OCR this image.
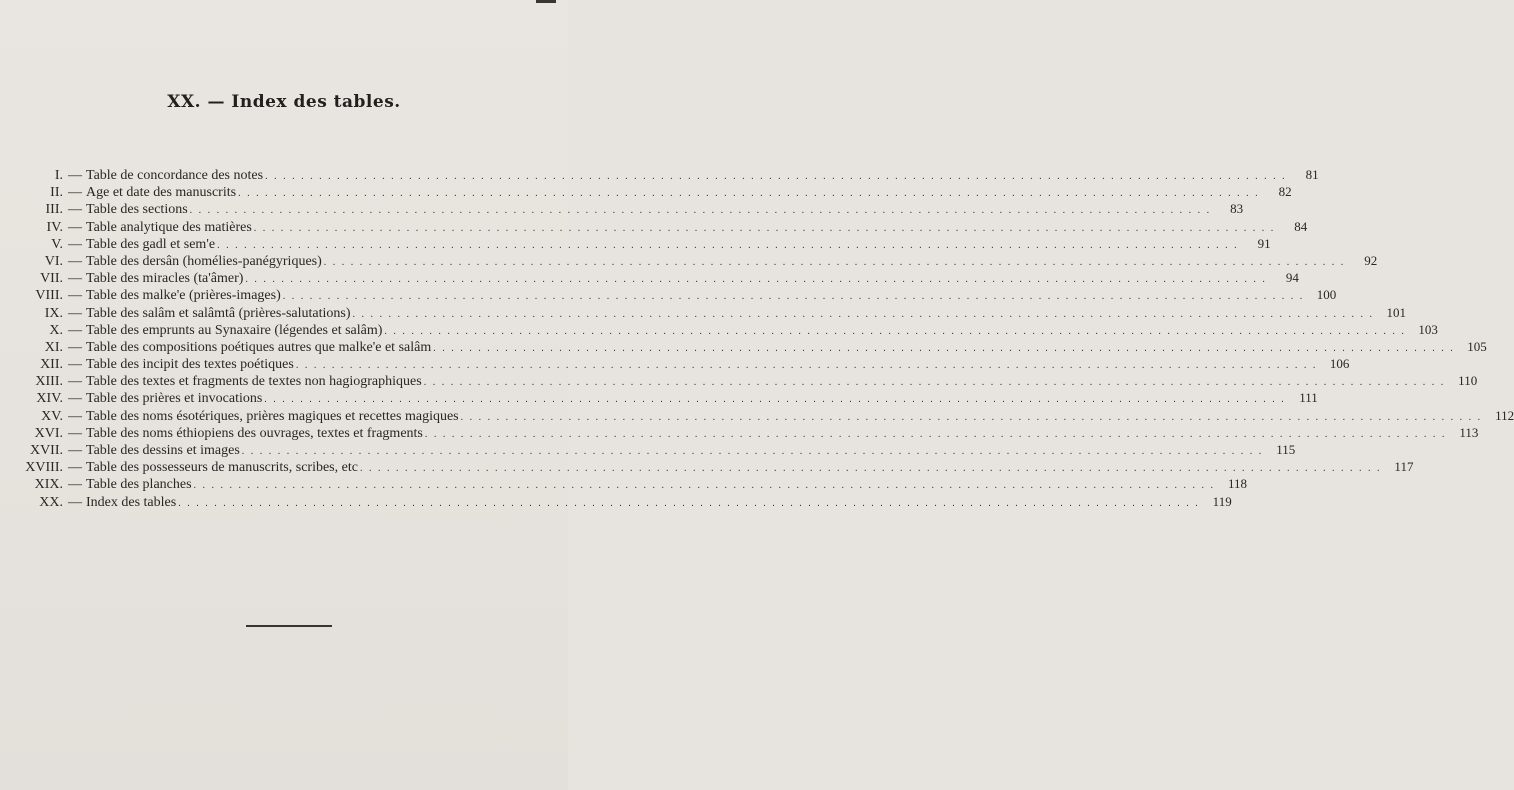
XX. — Index des tables.
I. — Table de concordance des notes . . .	81
II. — Age et date des manuscrits . . .	82
III. — Table des sections . . .	83
IV. — Table analytique des matières . . .	84
V. — Table des gadl et sem'e . . .	91
VI. — Table des dersân (homélies-panégyriques) . . .	92
VII. — Table des miracles (ta'âmer) . . .	94
VIII. — Table des malke'e (prières-images) . . .	100
IX. — Table des salâm et salâmtâ (prières-salutations) . . .	101
X. — Table des emprunts au Synaxaire (légendes et salâm) . . .	103
XI. — Table des compositions poétiques autres que malke'e et salâm . . .	105
XII. — Table des incipit des textes poétiques . . .	106
XIII. — Table des textes et fragments de textes non hagiographiques . . .	110
XIV. — Table des prières et invocations . . .	111
XV. — Table des noms ésotériques, prières magiques et recettes magiques . . .	112
XVI. — Table des noms éthiopiens des ouvrages, textes et fragments . . .	113
XVII. — Table des dessins et images . . .	115
XVIII. — Table des possesseurs de manuscrits, scribes, etc . . .	117
XIX. — Table des planches . . .	118
XX. — Index des tables . . .	119
